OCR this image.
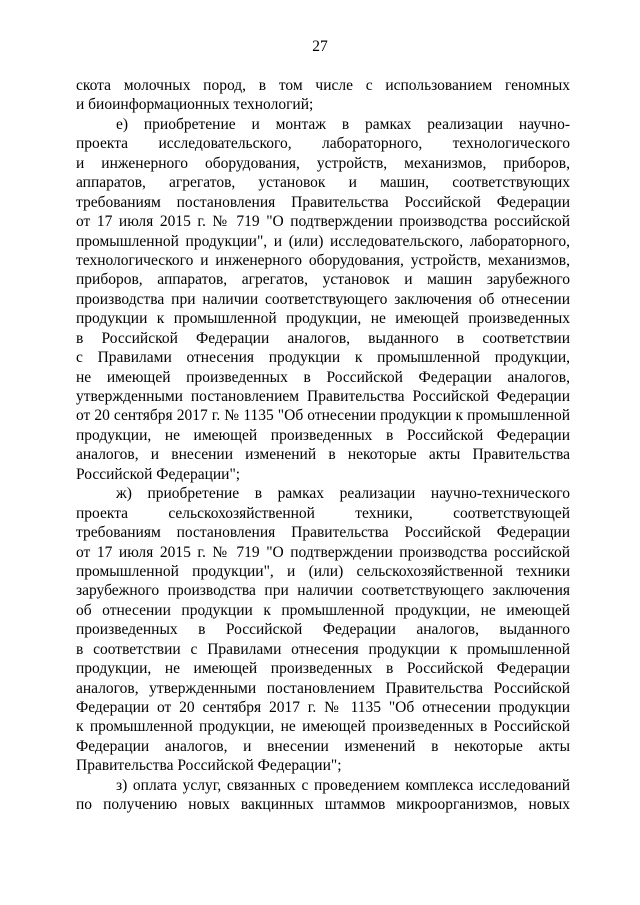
27
скота молочных пород, в том числе с использованием геномных
и биоинформационных технологий;
е) приобретение и монтаж в рамках реализации научно-
проекта исследовательского, лабораторного, технологического
и инженерного оборудования, устройств, механизмов, приборов,
аппаратов, агрегатов, установок и машин, соответствующих
требованиям постановления Правительства Российской Федерации
от 17 июля 2015 г. № 719 "О подтверждении производства российской
промышленной продукции", и (или) исследовательского, лабораторного,
технологического и инженерного оборудования, устройств, механизмов,
приборов, аппаратов, агрегатов, установок и машин зарубежного
производства при наличии соответствующего заключения об отнесении
продукции к промышленной продукции, не имеющей произведенных
в Российской Федерации аналогов, выданного в соответствии
с Правилами отнесения продукции к промышленной продукции,
не имеющей произведенных в Российской Федерации аналогов,
утвержденными постановлением Правительства Российской Федерации
от 20 сентября 2017 г. № 1135 "Об отнесении продукции к промышленной
продукции, не имеющей произведенных в Российской Федерации
аналогов, и внесении изменений в некоторые акты Правительства
Российской Федерации";
ж) приобретение в рамках реализации научно-технического
проекта сельскохозяйственной техники, соответствующей
требованиям постановления Правительства Российской Федерации
от 17 июля 2015 г. № 719 "О подтверждении производства российской
промышленной продукции", и (или) сельскохозяйственной техники
зарубежного производства при наличии соответствующего заключения
об отнесении продукции к промышленной продукции, не имеющей
произведенных в Российской Федерации аналогов, выданного
в соответствии с Правилами отнесения продукции к промышленной
продукции, не имеющей произведенных в Российской Федерации
аналогов, утвержденными постановлением Правительства Российской
Федерации от 20 сентября 2017 г. № 1135 "Об отнесении продукции
к промышленной продукции, не имеющей произведенных в Российской
Федерации аналогов, и внесении изменений в некоторые акты
Правительства Российской Федерации";
з) оплата услуг, связанных с проведением комплекса исследований
по получению новых вакцинных штаммов микроорганизмов, новых
